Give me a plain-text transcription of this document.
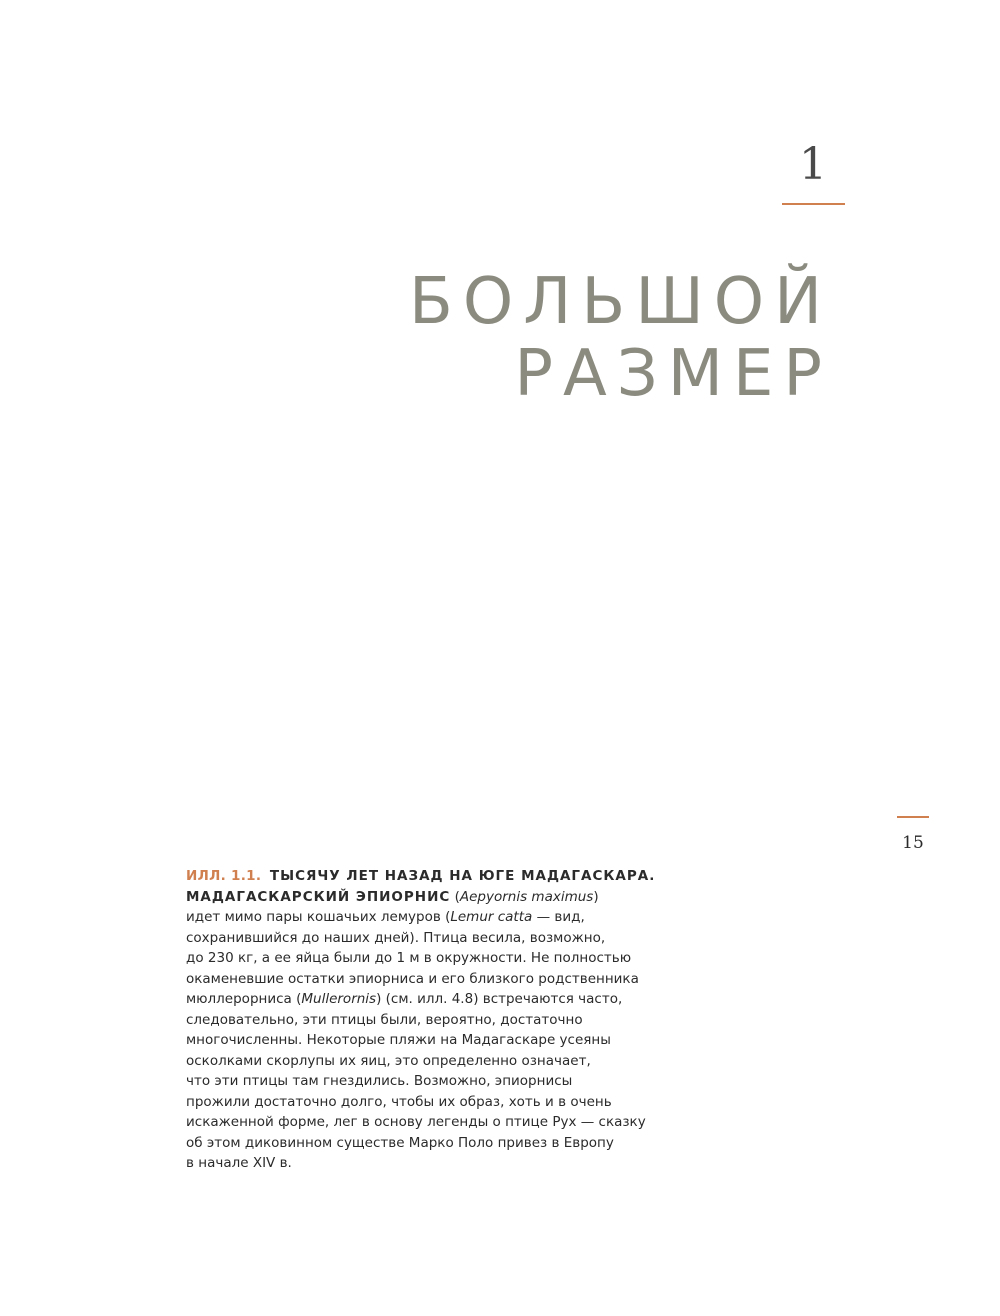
1
БОЛЬШОЙ
РАЗМЕР
15
ИЛЛ. 1.1. ТЫСЯЧУ ЛЕТ НАЗАД НА ЮГЕ МАДАГАСКАРА.
МАДАГАСКАРСКИЙ ЭПИОРНИС (Aepyornis maximus)
идет мимо пары кошачьих лемуров (Lemur catta — вид,
сохранившийся до наших дней). Птица весила, возможно,
до 230 кг, а ее яйца были до 1 м в окружности. Не полностью
окаменевшие остатки эпиорниса и его близкого родственника
мюллерорниса (Mullerornis) (см. илл. 4.8) встречаются часто,
следовательно, эти птицы были, вероятно, достаточно
многочисленны. Некоторые пляжи на Мадагаскаре усеяны
осколками скорлупы их яиц, это определенно означает,
что эти птицы там гнездились. Возможно, эпиорнисы
прожили достаточно долго, чтобы их образ, хоть и в очень
искаженной форме, лег в основу легенды о птице Рух — сказку
об этом диковинном существе Марко Поло привез в Европу
в начале XIV в.
